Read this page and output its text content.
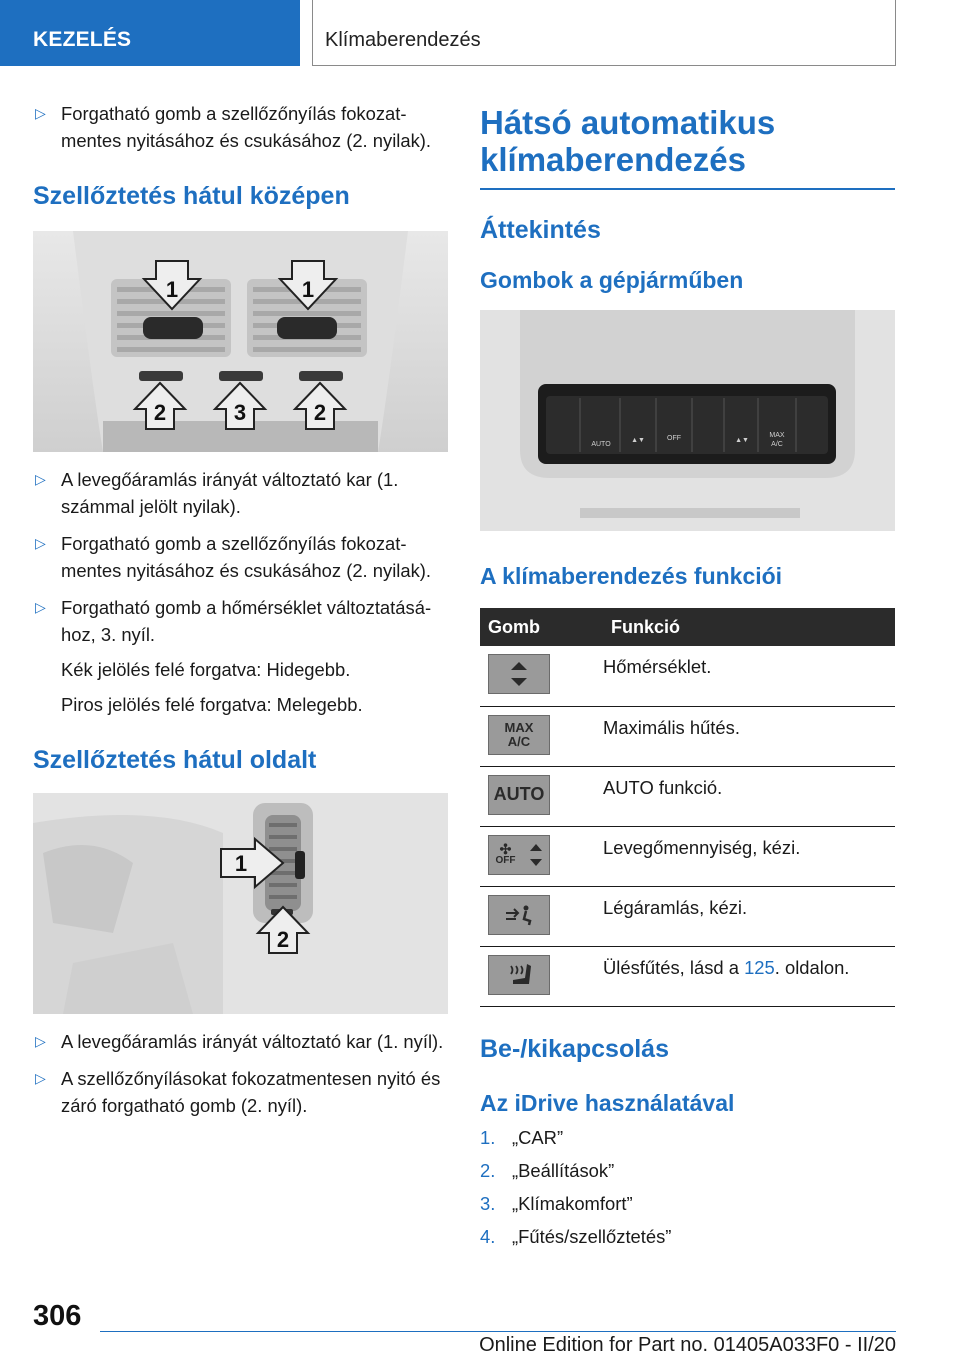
KEZELÉS	Klímaberendezés
▷ Forgatható gomb a szellőzőnyílás fokozatmentes nyitásához és csukásához (2. nyilak).
Szellőztetés hátul középen
1	1
2	3	2
▷ A levegőáramlás irányát változtató kar (1. számmal jelölt nyilak).
▷ Forgatható gomb a szellőzőnyílás fokozatmentes nyitásához és csukásához (2. nyilak).
▷ Forgatható gomb a hőmérséklet változtatásához, 3. nyíl.
Kék jelölés felé forgatva: Hidegebb.
Piros jelölés felé forgatva: Melegebb.
Szellőztetés hátul oldalt
1
2
▷ A levegőáramlás irányát változtató kar (1. nyíl).
▷ A szellőzőnyílásokat fokozatmentesen nyitó és záró forgatható gomb (2. nyíl).
Hátsó automatikus klímaberendezés
Áttekintés
Gombok a gépjárműben
AUTO
OFF	MAX
A/C
▲▼	▲▼
A klímaberendezés funkciói
Gomb	Funkció

	Hőmérséklet.

MAX
A/C	Maximális hűtés.

AUTO	AUTO funkció.

✣
OFF	Levegőmennyiség, kézi.

	Légáramlás, kézi.

	Ülésfűtés, lásd a 125. oldalon.
Be-/kikapcsolás
Az iDrive használatával
1. „CAR”
2. „Beállítások”
3. „Klímakomfort”
4. „Fűtés/szellőztetés”
306
Online Edition for Part no. 01405A033F0 - II/20
